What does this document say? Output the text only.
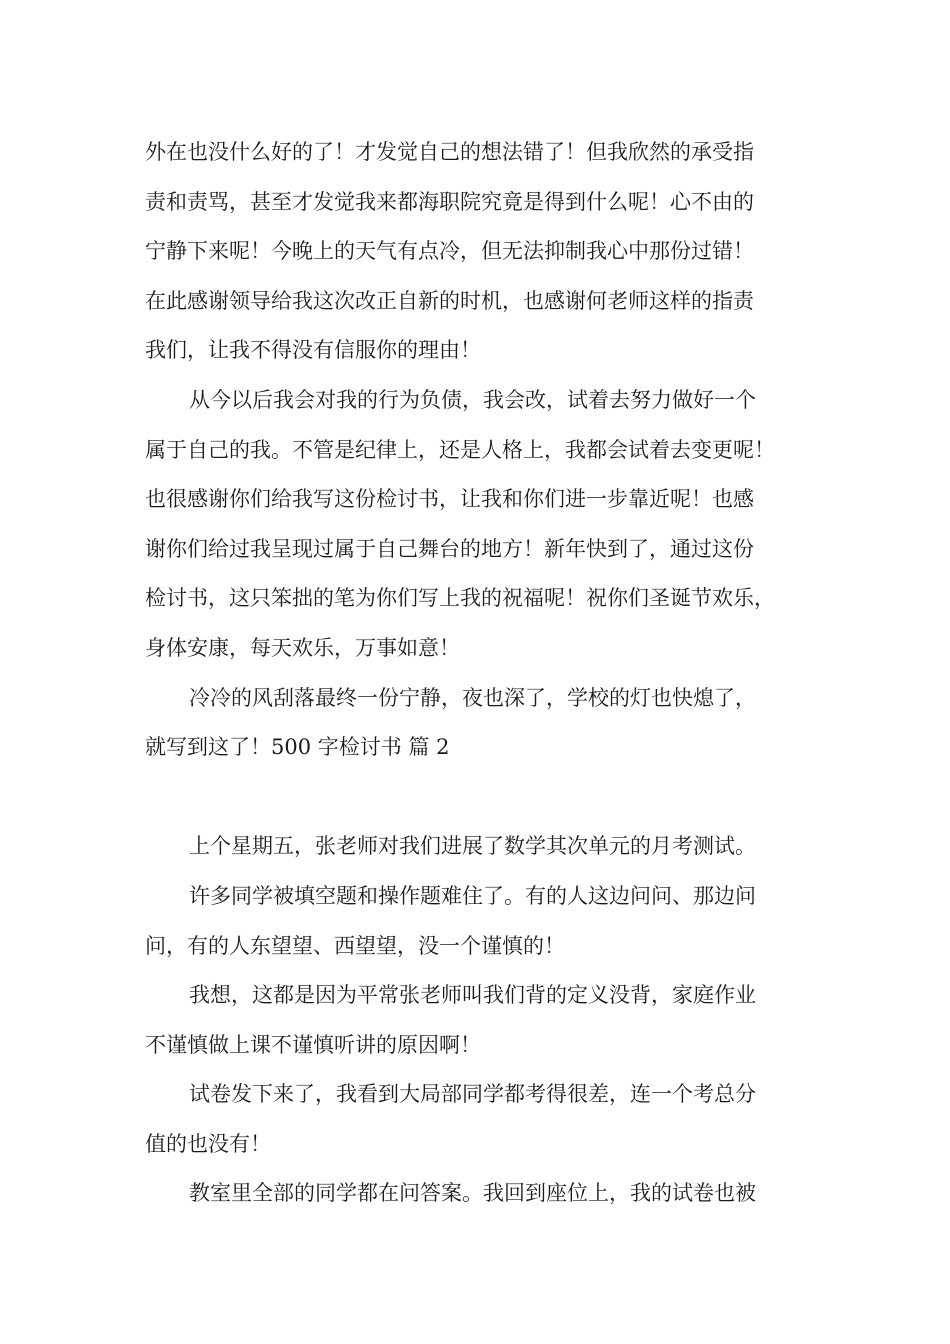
外在也没什么好的了！才发觉自己的想法错了！但我欣然的承受指
责和责骂，甚至才发觉我来都海职院究竟是得到什么呢！心不由的
宁静下来呢！今晚上的天气有点冷，但无法抑制我心中那份过错！
在此感谢领导给我这次改正自新的时机，也感谢何老师这样的指责
我们，让我不得没有信服你的理由！
从今以后我会对我的行为负债，我会改，试着去努力做好一个
属于自己的我。不管是纪律上，还是人格上，我都会试着去变更呢！
也很感谢你们给我写这份检讨书，让我和你们进一步靠近呢！也感
谢你们给过我呈现过属于自己舞台的地方！新年快到了，通过这份
检讨书，这只笨拙的笔为你们写上我的祝福呢！祝你们圣诞节欢乐，
身体安康，每天欢乐，万事如意！
冷冷的风刮落最终一份宁静，夜也深了，学校的灯也快熄了，
就写到这了！500 字检讨书 篇 2
上个星期五，张老师对我们进展了数学其次单元的月考测试。
许多同学被填空题和操作题难住了。有的人这边问问、那边问
问，有的人东望望、西望望，没一个谨慎的！
我想，这都是因为平常张老师叫我们背的定义没背，家庭作业
不谨慎做上课不谨慎听讲的原因啊！
试卷发下来了，我看到大局部同学都考得很差，连一个考总分
值的也没有！
教室里全部的同学都在问答案。我回到座位上，我的试卷也被
